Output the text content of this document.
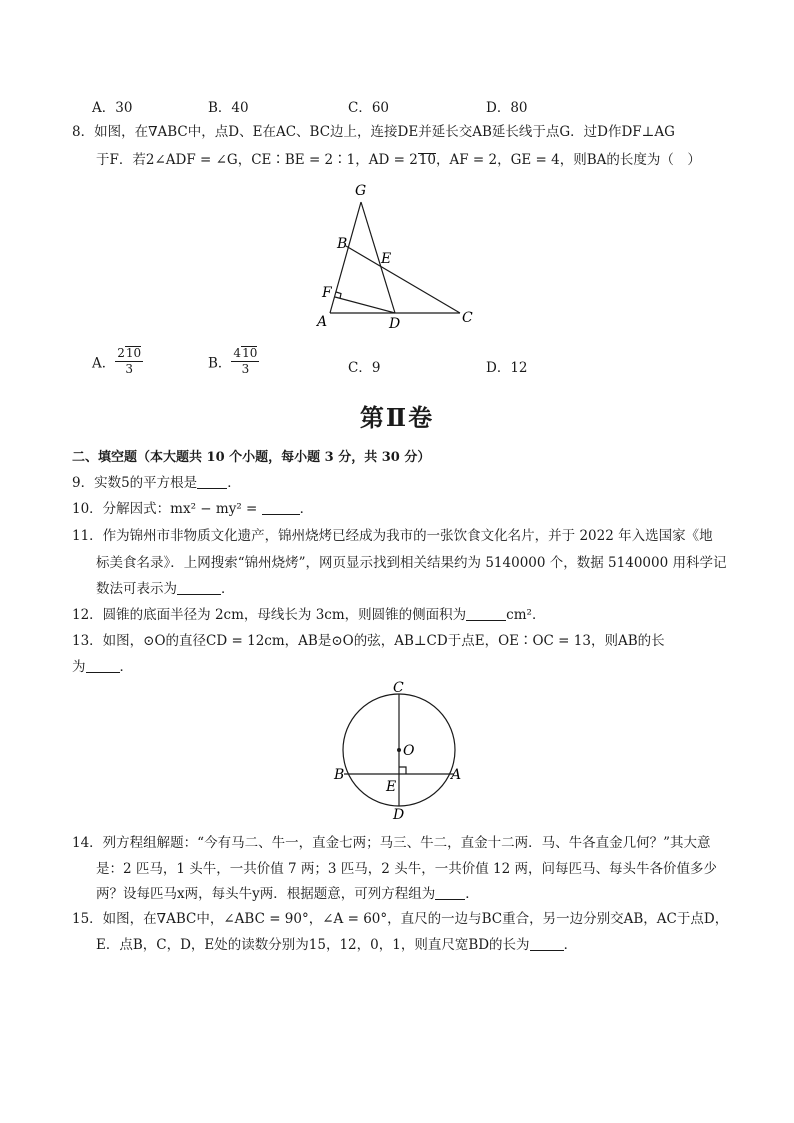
A．30	B．40	C．60	D．80
8．如图，在∇ABC中，点D、E在AC、BC边上，连接DE并延长交AB延长线于点G．过D作DF⊥AG
于F．若2∠ADF = ∠G，CE∶BE = 2∶1，AD = 210，AF = 2，GE = 4，则BA的长度为（　）
G
B
E
F
A	D	C
A． $\frac{210}{3}$	B． $\frac{410}{3}$	C．9	D．12
第Ⅱ卷
二、填空题（本大题共 10 个小题，每小题 3 分，共 30 分）
9．实数5的平方根是 ．
10．分解因式：mx² − my² =	．
11．作为锦州市非物质文化遗产，锦州烧烤已经成为我市的一张饮食文化名片，并于 2022 年入选国家《地
标美食名录》．上网搜索“锦州烧烤”，网页显示找到相关结果约为 5140000 个，数据 5140000 用科学记
数法可表示为	．
12．圆锥的底面半径为 2cm，母线长为 3cm，则圆锥的侧面积为	cm²．
13．如图，⊙O的直径CD = 12cm，AB是⊙O的弦，AB⊥CD于点E，OE∶OC = 13，则AB的长
为	．
C
O
B
E
A
D
14．列方程组解题：“今有马二、牛一，直金七两；马三、牛二，直金十二两．马、牛各直金几何？”其大意
是：2 匹马，1 头牛，一共价值 7 两；3 匹马，2 头牛，一共价值 12 两，问每匹马、每头牛各价值多少
两？设每匹马x两，每头牛y两．根据题意，可列方程组为 ．
15．如图，在∇ABC中，∠ABC = 90°，∠A = 60°，直尺的一边与BC重合，另一边分别交AB，AC于点D，
E．点B，C，D，E处的读数分别为15，12，0，1，则直尺宽BD的长为	．
